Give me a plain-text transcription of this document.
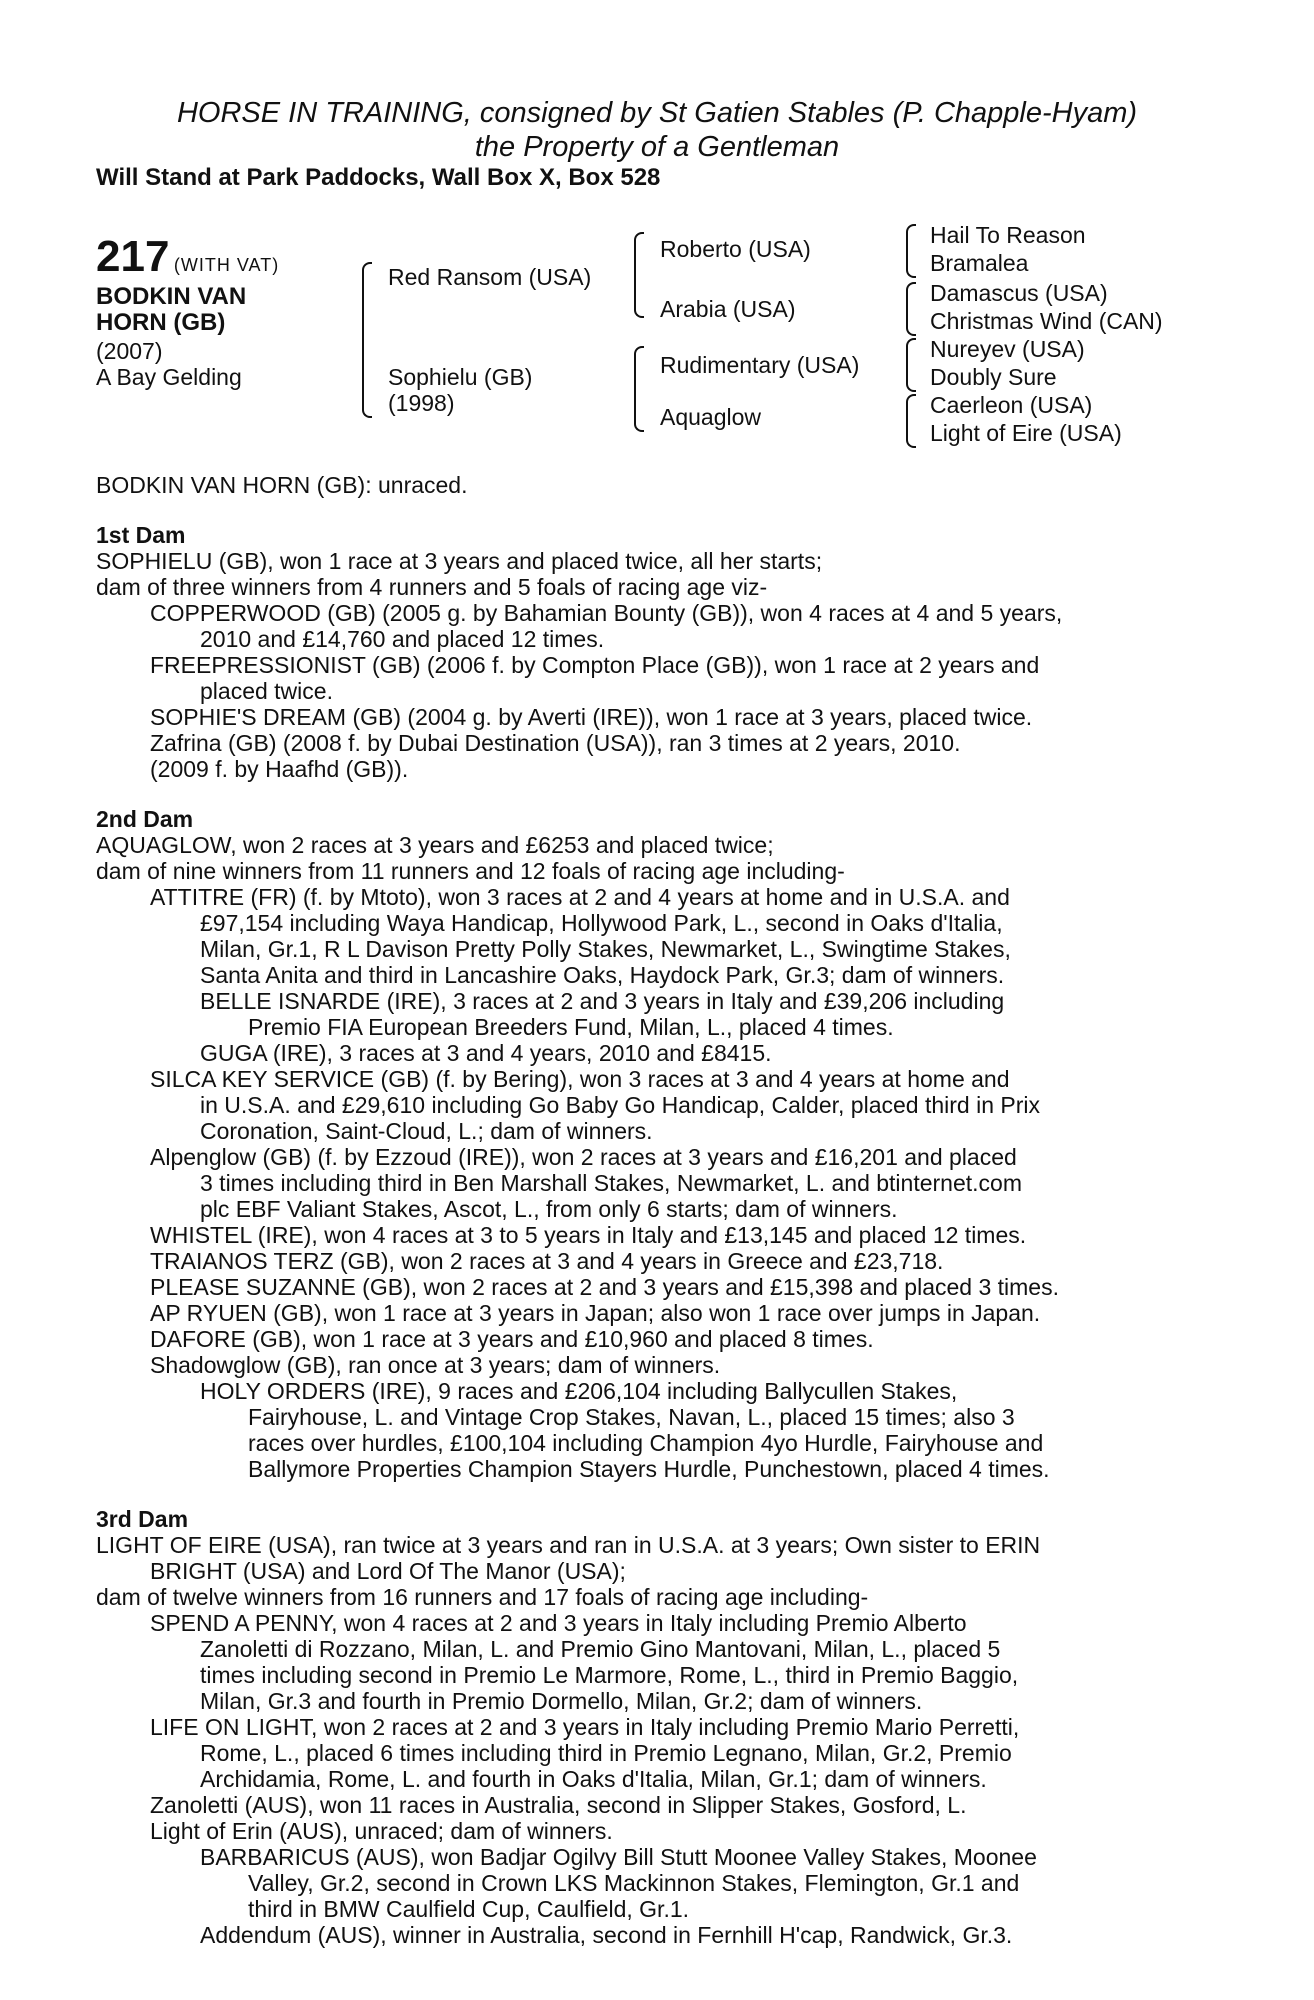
HORSE IN TRAINING, consigned by St Gatien Stables (P. Chapple-Hyam)
the Property of a Gentleman
Will Stand at Park Paddocks, Wall Box X, Box 528
217 (WITH VAT)
BODKIN VAN
HORN (GB)
(2007)
A Bay Gelding
Red Ransom (USA)
Sophielu (GB)
(1998)
Roberto (USA)
Arabia (USA)
Rudimentary (USA)
Aquaglow
Hail To Reason
Bramalea
Damascus (USA)
Christmas Wind (CAN)
Nureyev (USA)
Doubly Sure
Caerleon (USA)
Light of Eire (USA)
BODKIN VAN HORN (GB): unraced.
1st Dam
SOPHIELU (GB), won 1 race at 3 years and placed twice, all her starts;
dam of three winners from 4 runners and 5 foals of racing age viz-
COPPERWOOD (GB) (2005 g. by Bahamian Bounty (GB)), won 4 races at 4 and 5 years,
2010 and £14,760 and placed 12 times.
FREEPRESSIONIST (GB) (2006 f. by Compton Place (GB)), won 1 race at 2 years and
placed twice.
SOPHIE'S DREAM (GB) (2004 g. by Averti (IRE)), won 1 race at 3 years, placed twice.
Zafrina (GB) (2008 f. by Dubai Destination (USA)), ran 3 times at 2 years, 2010.
(2009 f. by Haafhd (GB)).
2nd Dam
AQUAGLOW, won 2 races at 3 years and £6253 and placed twice;
dam of nine winners from 11 runners and 12 foals of racing age including-
ATTITRE (FR) (f. by Mtoto), won 3 races at 2 and 4 years at home and in U.S.A. and
£97,154 including Waya Handicap, Hollywood Park, L., second in Oaks d'Italia,
Milan, Gr.1, R L Davison Pretty Polly Stakes, Newmarket, L., Swingtime Stakes,
Santa Anita and third in Lancashire Oaks, Haydock Park, Gr.3; dam of winners.
BELLE ISNARDE (IRE), 3 races at 2 and 3 years in Italy and £39,206 including
Premio FIA European Breeders Fund, Milan, L., placed 4 times.
GUGA (IRE), 3 races at 3 and 4 years, 2010 and £8415.
SILCA KEY SERVICE (GB) (f. by Bering), won 3 races at 3 and 4 years at home and
in U.S.A. and £29,610 including Go Baby Go Handicap, Calder, placed third in Prix
Coronation, Saint-Cloud, L.; dam of winners.
Alpenglow (GB) (f. by Ezzoud (IRE)), won 2 races at 3 years and £16,201 and placed
3 times including third in Ben Marshall Stakes, Newmarket, L. and btinternet.com
plc EBF Valiant Stakes, Ascot, L., from only 6 starts; dam of winners.
WHISTEL (IRE), won 4 races at 3 to 5 years in Italy and £13,145 and placed 12 times.
TRAIANOS TERZ (GB), won 2 races at 3 and 4 years in Greece and £23,718.
PLEASE SUZANNE (GB), won 2 races at 2 and 3 years and £15,398 and placed 3 times.
AP RYUEN (GB), won 1 race at 3 years in Japan; also won 1 race over jumps in Japan.
DAFORE (GB), won 1 race at 3 years and £10,960 and placed 8 times.
Shadowglow (GB), ran once at 3 years; dam of winners.
HOLY ORDERS (IRE), 9 races and £206,104 including Ballycullen Stakes,
Fairyhouse, L. and Vintage Crop Stakes, Navan, L., placed 15 times; also 3
races over hurdles, £100,104 including Champion 4yo Hurdle, Fairyhouse and
Ballymore Properties Champion Stayers Hurdle, Punchestown, placed 4 times.
3rd Dam
LIGHT OF EIRE (USA), ran twice at 3 years and ran in U.S.A. at 3 years; Own sister to ERIN
BRIGHT (USA) and Lord Of The Manor (USA);
dam of twelve winners from 16 runners and 17 foals of racing age including-
SPEND A PENNY, won 4 races at 2 and 3 years in Italy including Premio Alberto
Zanoletti di Rozzano, Milan, L. and Premio Gino Mantovani, Milan, L., placed 5
times including second in Premio Le Marmore, Rome, L., third in Premio Baggio,
Milan, Gr.3 and fourth in Premio Dormello, Milan, Gr.2; dam of winners.
LIFE ON LIGHT, won 2 races at 2 and 3 years in Italy including Premio Mario Perretti,
Rome, L., placed 6 times including third in Premio Legnano, Milan, Gr.2, Premio
Archidamia, Rome, L. and fourth in Oaks d'Italia, Milan, Gr.1; dam of winners.
Zanoletti (AUS), won 11 races in Australia, second in Slipper Stakes, Gosford, L.
Light of Erin (AUS), unraced; dam of winners.
BARBARICUS (AUS), won Badjar Ogilvy Bill Stutt Moonee Valley Stakes, Moonee
Valley, Gr.2, second in Crown LKS Mackinnon Stakes, Flemington, Gr.1 and
third in BMW Caulfield Cup, Caulfield, Gr.1.
Addendum (AUS), winner in Australia, second in Fernhill H'cap, Randwick, Gr.3.
